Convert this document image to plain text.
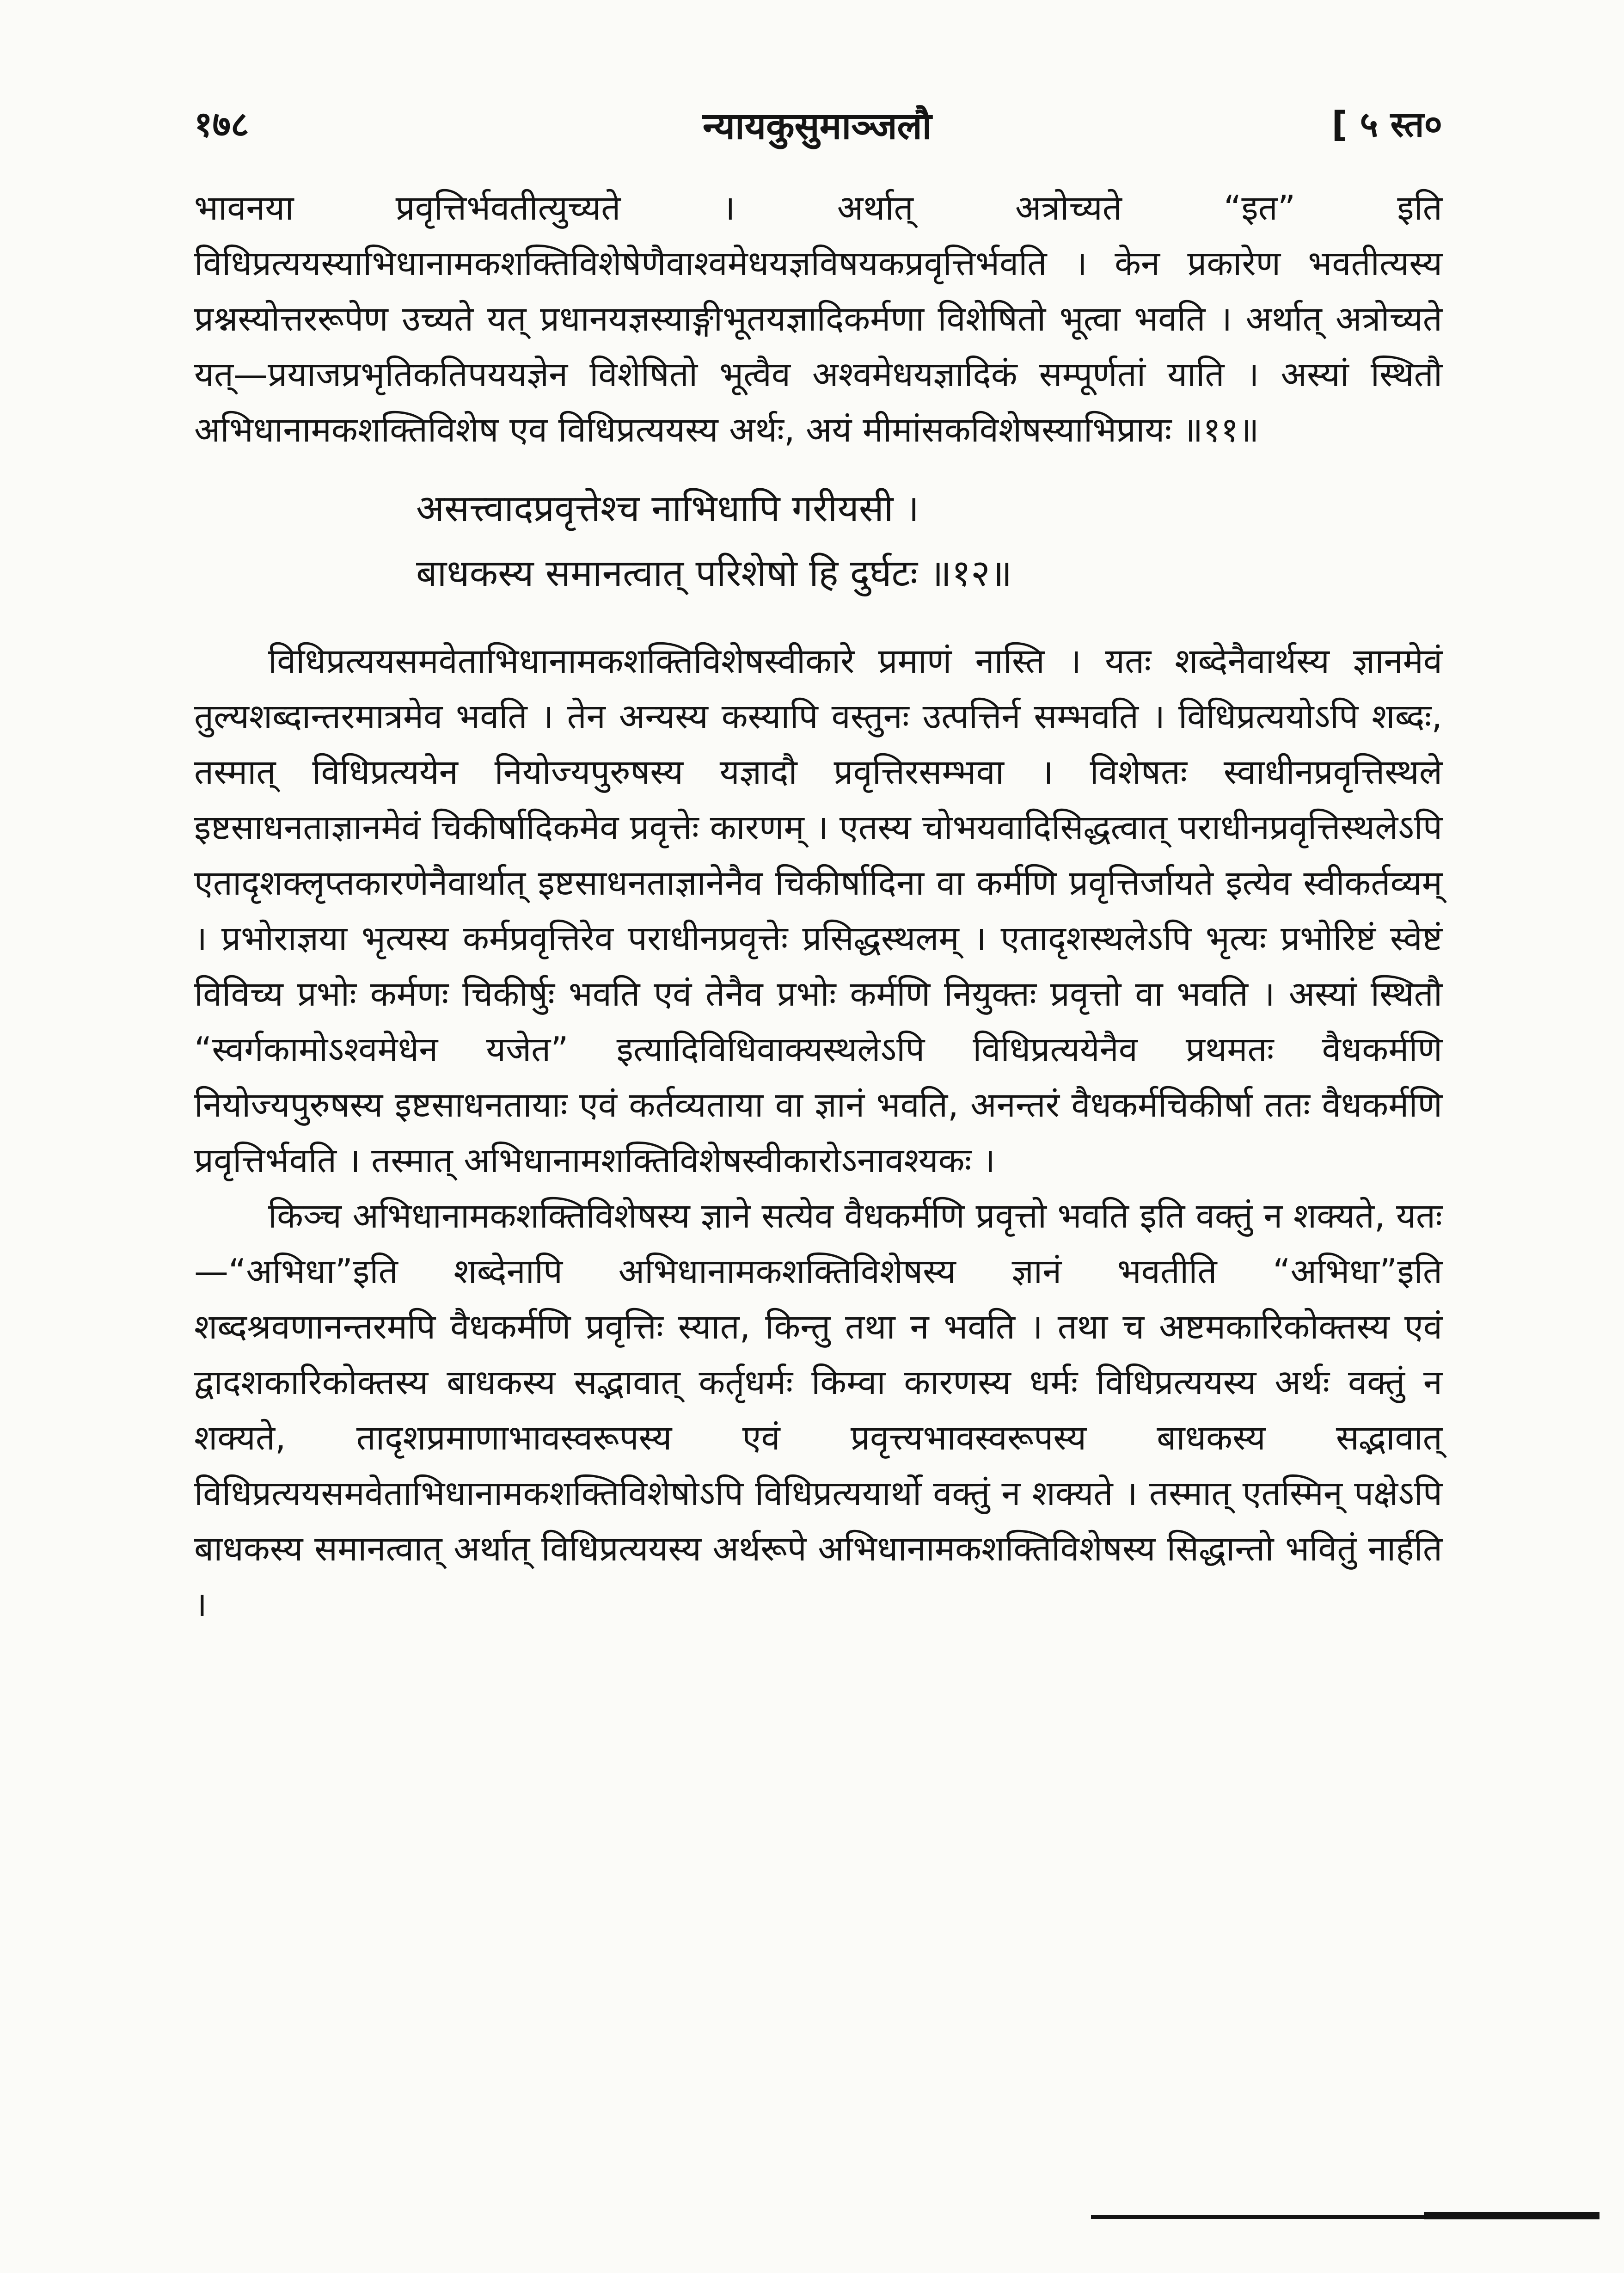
१७८	न्यायकुसुमाञ्जलौ	[ ५ स्त०

भावनया प्रवृत्तिर्भवतीत्युच्यते । अर्थात् अत्रोच्यते “इत” इति विधिप्रत्ययस्याभिधानामकशक्तिविशेषेणैवाश्वमेधयज्ञविषयकप्रवृत्तिर्भवति । केन प्रकारेण भवतीत्यस्य प्रश्नस्योत्तररूपेण उच्यते यत् प्रधानयज्ञस्याङ्गीभूतयज्ञादिकर्मणा विशेषितो भूत्वा भवति । अर्थात् अत्रोच्यते यत्—प्रयाजप्रभृतिकतिपययज्ञेन विशेषितो भूत्वैव अश्वमेधयज्ञादिकं सम्पूर्णतां याति । अस्यां स्थितौ अभिधानामकशक्तिविशेष एव विधिप्रत्ययस्य अर्थः, अयं मीमांसकविशेषस्याभिप्रायः ॥११॥

असत्त्वादप्रवृत्तेश्च नाभिधापि गरीयसी ।
बाधकस्य समानत्वात् परिशेषो हि दुर्घटः ॥१२॥

विधिप्रत्ययसमवेताभिधानामकशक्तिविशेषस्वीकारे प्रमाणं नास्ति । यतः शब्देनैवार्थस्य ज्ञानमेवं तुल्यशब्दान्तरमात्रमेव भवति । तेन अन्यस्य कस्यापि वस्तुनः उत्पत्तिर्न सम्भवति । विधिप्रत्ययोऽपि शब्दः, तस्मात् विधिप्रत्ययेन नियोज्यपुरुषस्य यज्ञादौ प्रवृत्तिरसम्भवा । विशेषतः स्वाधीनप्रवृत्तिस्थले इष्टसाधनताज्ञानमेवं चिकीर्षादिकमेव प्रवृत्तेः कारणम् । एतस्य चोभयवादिसिद्धत्वात् पराधीनप्रवृत्तिस्थलेऽपि एतादृशक्लृप्तकारणेनैवार्थात् इष्टसाधनताज्ञानेनैव चिकीर्षादिना वा कर्मणि प्रवृत्तिर्जायते इत्येव स्वीकर्तव्यम् । प्रभोराज्ञया भृत्यस्य कर्मप्रवृत्तिरेव पराधीनप्रवृत्तेः प्रसिद्धस्थलम् । एतादृशस्थलेऽपि भृत्यः प्रभोरिष्टं स्वेष्टं विविच्य प्रभोः कर्मणः चिकीर्षुः भवति एवं तेनैव प्रभोः कर्मणि नियुक्तः प्रवृत्तो वा भवति । अस्यां स्थितौ “स्वर्गकामोऽश्वमेधेन यजेत” इत्यादिविधिवाक्यस्थलेऽपि विधिप्रत्ययेनैव प्रथमतः वैधकर्मणि नियोज्यपुरुषस्य इष्टसाधनतायाः एवं कर्तव्यताया वा ज्ञानं भवति, अनन्तरं वैधकर्मचिकीर्षा ततः वैधकर्मणि प्रवृत्तिर्भवति । तस्मात् अभिधानामशक्तिविशेषस्वीकारोऽनावश्यकः ।

किञ्च अभिधानामकशक्तिविशेषस्य ज्ञाने सत्येव वैधकर्मणि प्रवृत्तो भवति इति वक्तुं न शक्यते, यतः—“अभिधा”इति शब्देनापि अभिधानामकशक्तिविशेषस्य ज्ञानं भवतीति “अभिधा”इति शब्दश्रवणानन्तरमपि वैधकर्मणि प्रवृत्तिः स्यात, किन्तु तथा न भवति । तथा च अष्टमकारिकोक्तस्य एवं द्वादशकारिकोक्तस्य बाधकस्य सद्भावात् कर्तृधर्मः किम्वा कारणस्य धर्मः विधिप्रत्ययस्य अर्थः वक्तुं न शक्यते, तादृशप्रमाणाभावस्वरूपस्य एवं प्रवृत्त्यभावस्वरूपस्य बाधकस्य सद्भावात् विधिप्रत्ययसमवेताभिधानामकशक्तिविशेषोऽपि विधिप्रत्ययार्थो वक्तुं न शक्यते । तस्मात् एतस्मिन् पक्षेऽपि बाधकस्य समानत्वात् अर्थात् विधिप्रत्ययस्य अर्थरूपे अभिधानामकशक्तिविशेषस्य सिद्धान्तो भवितुं नार्हति ।
